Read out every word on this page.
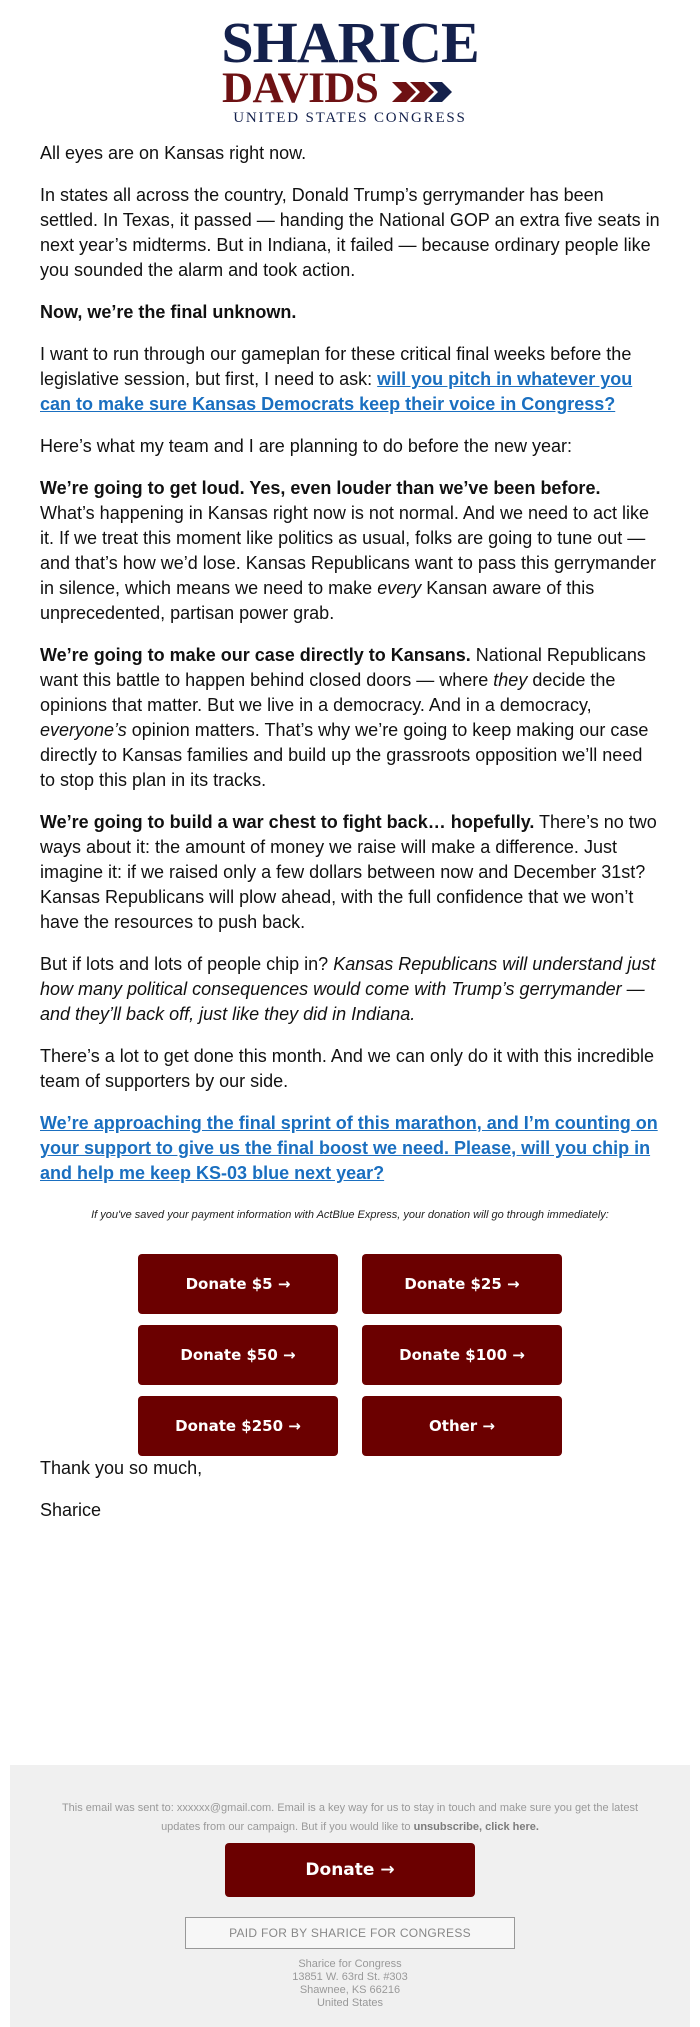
SHARICE
DAVIDS
UNITED STATES CONGRESS

All eyes are on Kansas right now.

In states all across the country, Donald Trump’s gerrymander has been settled. In Texas, it passed — handing the National GOP an extra five seats in next year’s midterms. But in Indiana, it failed — because ordinary people like you sounded the alarm and took action.

Now, we’re the final unknown.

I want to run through our gameplan for these critical final weeks before the legislative session, but first, I need to ask: will you pitch in whatever you can to make sure Kansas Democrats keep their voice in Congress?

Here’s what my team and I are planning to do before the new year:

We’re going to get loud. Yes, even louder than we’ve been before. What’s happening in Kansas right now is not normal. And we need to act like it. If we treat this moment like politics as usual, folks are going to tune out — and that’s how we’d lose. Kansas Republicans want to pass this gerrymander in silence, which means we need to make every Kansan aware of this unprecedented, partisan power grab.

We’re going to make our case directly to Kansans. National Republicans want this battle to happen behind closed doors — where they decide the opinions that matter. But we live in a democracy. And in a democracy, everyone’s opinion matters. That’s why we’re going to keep making our case directly to Kansas families and build up the grassroots opposition we’ll need to stop this plan in its tracks.

We’re going to build a war chest to fight back… hopefully. There’s no two ways about it: the amount of money we raise will make a difference. Just imagine it: if we raised only a few dollars between now and December 31st? Kansas Republicans will plow ahead, with the full confidence that we won’t have the resources to push back.

But if lots and lots of people chip in? Kansas Republicans will understand just how many political consequences would come with Trump’s gerrymander — and they’ll back off, just like they did in Indiana.

There’s a lot to get done this month. And we can only do it with this incredible team of supporters by our side.

We’re approaching the final sprint of this marathon, and I’m counting on your support to give us the final boost we need. Please, will you chip in and help me keep KS-03 blue next year?

If you've saved your payment information with ActBlue Express, your donation will go through immediately:
Donate $5 →	Donate $25 →
Donate $50 →	Donate $100 →
Donate $250 →	Other →

Thank you so much,

Sharice

This email was sent to: xxxxxx@gmail.com. Email is a key way for us to stay in touch and make sure you get the latest updates from our campaign. But if you would like to unsubscribe, click here.
Donate →
PAID FOR BY SHARICE FOR CONGRESS
Sharice for Congress
13851 W. 63rd St. #303
Shawnee, KS 66216
United States
